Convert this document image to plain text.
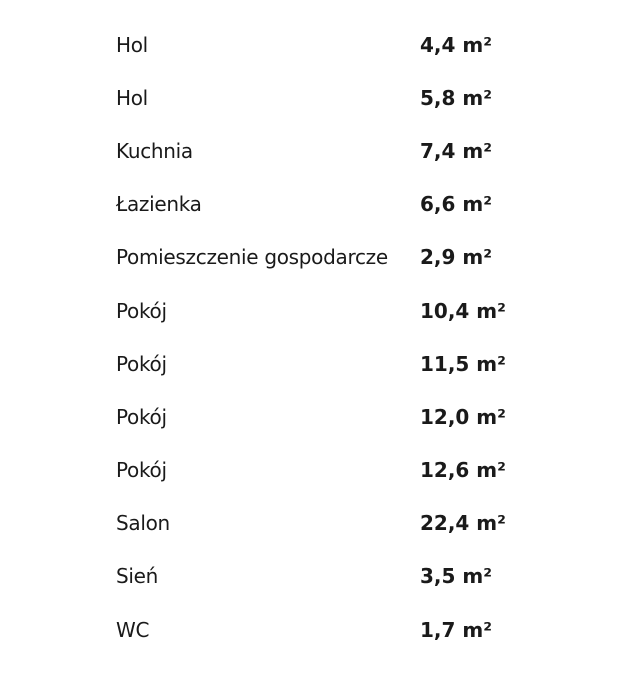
Hol	4,4 m²
Hol	5,8 m²
Kuchnia	7,4 m²
Łazienka	6,6 m²
Pomieszczenie gospodarcze	2,9 m²
Pokój	10,4 m²
Pokój	11,5 m²
Pokój	12,0 m²
Pokój	12,6 m²
Salon	22,4 m²
Sień	3,5 m²
WC	1,7 m²
